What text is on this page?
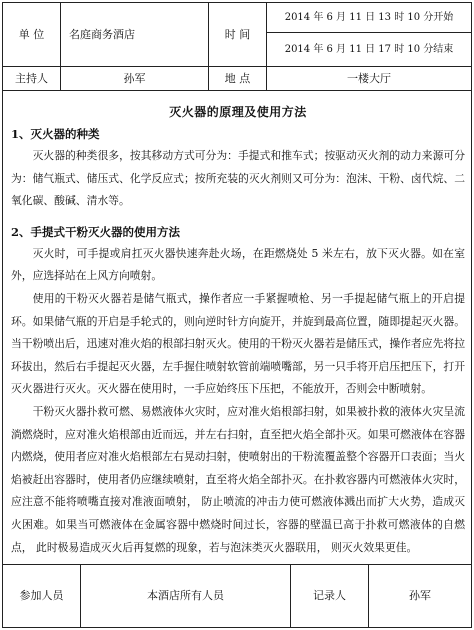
单 位	名庭商务酒店	时 间
2014 年 6 月 11 日 13 时 10 分开始
2014 年 6 月 11 日 17 时 10 分结束
主持人	孙军	地 点	一楼大厅
灭火器的原理及使用方法
1、灭火器的种类

灭火器的种类很多，按其移动方式可分为：手提式和推车式；按驱动灭火剂的动力来源可分为：储气瓶式、储压式、化学反应式；按所充装的灭火剂则又可分为：泡沫、干粉、卤代烷、二氧化碳、酸碱、清水等。

2、手提式干粉灭火器的使用方法

灭火时，可手提或肩扛灭火器快速奔赴火场，在距燃烧处 5 米左右，放下灭火器。如在室外，应选择站在上风方向喷射。

使用的干粉灭火器若是储气瓶式，操作者应一手紧握喷枪、另一手提起储气瓶上的开启提环。如果储气瓶的开启是手轮式的，则向逆时针方向旋开，并旋到最高位置，随即提起灭火器。当干粉喷出后，迅速对准火焰的根部扫射灭火。使用的干粉灭火器若是储压式，操作者应先将拉环拔出，然后右手提起灭火器，左手握住喷射软管前端喷嘴部，另一只手将开启压把压下，打开灭火器进行灭火。灭火器在使用时，一手应始终压下压把，不能放开，否则会中断喷射。

干粉灭火器扑救可燃、易燃液体火灾时，应对准火焰根部扫射，如果被扑救的液体火灾呈流淌燃烧时，应对准火焰根部由近而远，并左右扫射，直至把火焰全部扑灭。如果可燃液体在容器内燃烧，使用者应对准火焰根部左右晃动扫射，使喷射出的干粉流覆盖整个容器开口表面；当火焰被赶出容器时，使用者仍应继续喷射，直至将火焰全部扑灭。在扑救容器内可燃液体火灾时，应注意不能将喷嘴直接对准液面喷射， 防止喷流的冲击力使可燃液体溅出而扩大火势，造成灭火困难。如果当可燃液体在金属容器中燃烧时间过长，容器的壁温已高于扑救可燃液体的自燃点， 此时极易造成灭火后再复燃的现象，若与泡沫类灭火器联用， 则灭火效果更佳。

参加人员	本酒店所有人员	记录人	孙军
